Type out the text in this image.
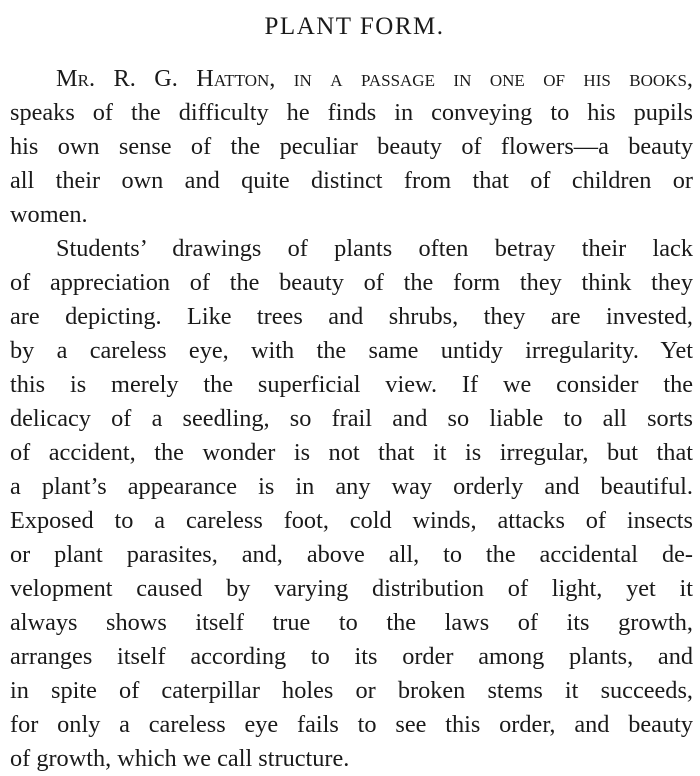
PLANT FORM.
Mr. R. G. Hatton, in a passage in one of his books,
speaks of the difficulty he finds in conveying to his pupils
his own sense of the peculiar beauty of flowers—a beauty
all their own and quite distinct from that of children or
women.
Students’ drawings of plants often betray their lack
of appreciation of the beauty of the form they think they
are depicting. Like trees and shrubs, they are invested,
by a careless eye, with the same untidy irregularity. Yet
this is merely the superficial view. If we consider the
delicacy of a seedling, so frail and so liable to all sorts
of accident, the wonder is not that it is irregular, but that
a plant’s appearance is in any way orderly and beautiful.
Exposed to a careless foot, cold winds, attacks of insects
or plant parasites, and, above all, to the accidental de-
velopment caused by varying distribution of light, yet it
always shows itself true to the laws of its growth,
arranges itself according to its order among plants, and
in spite of caterpillar holes or broken stems it succeeds,
for only a careless eye fails to see this order, and beauty
of growth, which we call structure.
